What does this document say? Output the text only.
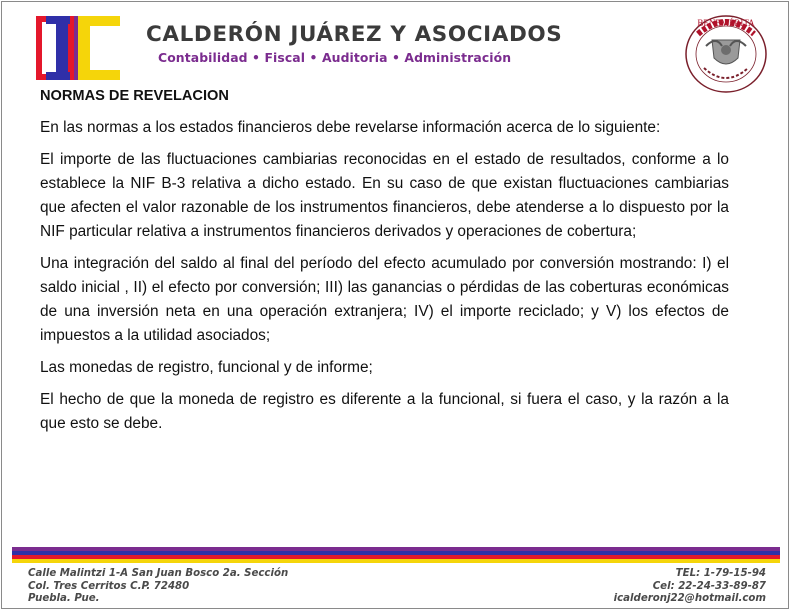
CALDERÓN JUÁREZ Y ASOCIADOS
Contabilidad • Fiscal • Auditoria • Administración
BENEMÉRITA
NORMAS DE REVELACION

En las normas a los estados financieros debe revelarse información acerca de lo siguiente:

El importe de las fluctuaciones cambiarias reconocidas en el estado de resultados, conforme a lo establece la NIF B-3 relativa a dicho estado. En su caso de que existan fluctuaciones cambiarias que afecten el valor razonable de los instrumentos financieros, debe atenderse a lo dispuesto por la NIF particular relativa a instrumentos financieros derivados y operaciones de cobertura;

Una integración del saldo al final del período del efecto acumulado por conversión mostrando: I) el saldo inicial , II) el efecto por conversión; III) las ganancias o pérdidas de las coberturas económicas de una inversión neta en una operación extranjera; IV) el importe reciclado; y V) los efectos de impuestos a la utilidad asociados;

Las monedas de registro, funcional y de informe;

El hecho de que la moneda de registro es diferente a la funcional, si fuera el caso, y la razón a la que esto se debe.

Calle Malintzi 1-A San Juan Bosco 2a. Sección
Col. Tres Cerritos C.P. 72480
Puebla. Pue.
TEL: 1-79-15-94
Cel: 22-24-33-89-87
icalderonj22@hotmail.com
